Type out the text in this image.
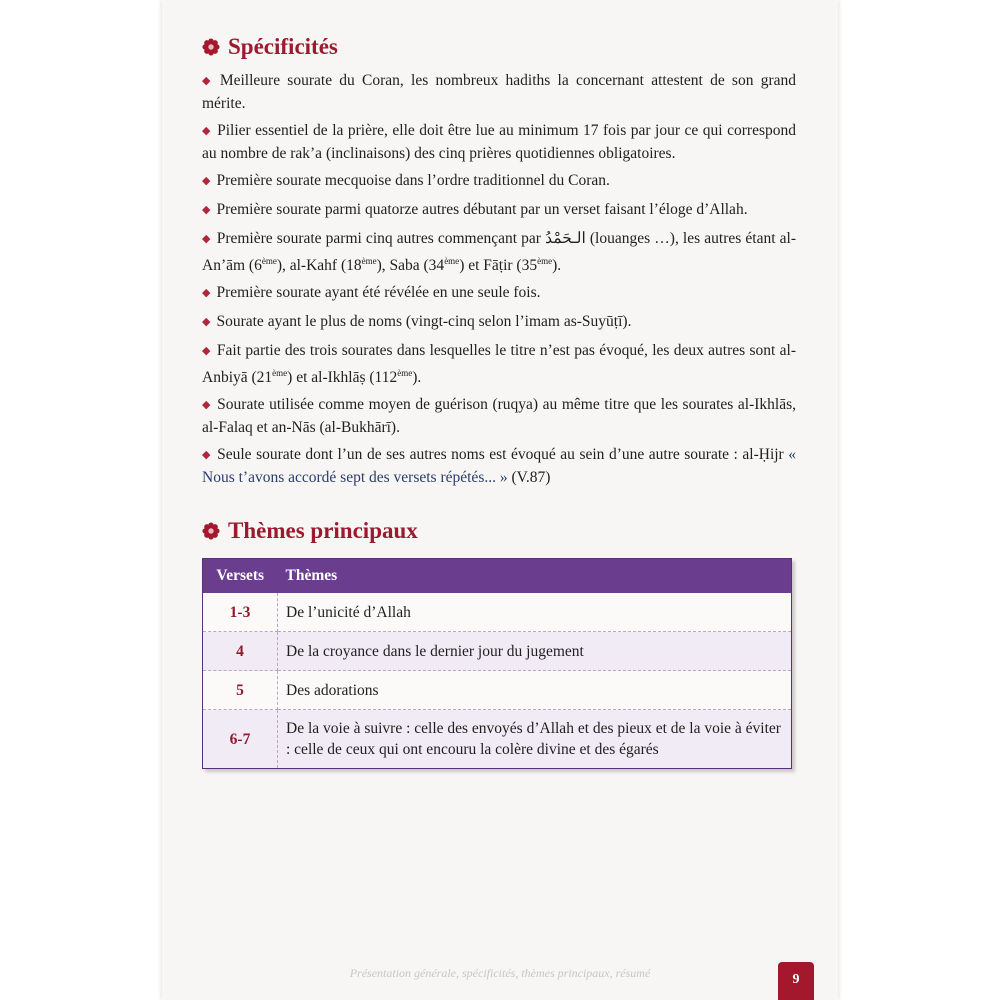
Spécificités
◆ Meilleure sourate du Coran, les nombreux hadiths la concernant attestent de son grand mérite.
◆ Pilier essentiel de la prière, elle doit être lue au minimum 17 fois par jour ce qui correspond au nombre de rak’a (inclinaisons) des cinq prières quotidiennes obligatoires.
◆ Première sourate mecquoise dans l’ordre traditionnel du Coran.
◆ Première sourate parmi quatorze autres débutant par un verset faisant l’éloge d’Allah.
◆ Première sourate parmi cinq autres commençant par الـحَمْدُ (louanges …), les autres étant al-An’ām (6ème), al-Kahf (18ème), Saba (34ème) et Fāṭir (35ème).
◆ Première sourate ayant été révélée en une seule fois.
◆ Sourate ayant le plus de noms (vingt-cinq selon l’imam as-Suyūṭī).
◆ Fait partie des trois sourates dans lesquelles le titre n’est pas évoqué, les deux autres sont al-Anbiyā (21ème) et al-Ikhlāṣ (112ème).
◆ Sourate utilisée comme moyen de guérison (ruqya) au même titre que les sourates al-Ikhlās, al-Falaq et an-Nās (al-Bukhārī).
◆ Seule sourate dont l’un de ses autres noms est évoqué au sein d’une autre sourate : al-Ḥijr « Nous t’avons accordé sept des versets répétés... » (V.87)
Thèmes principaux
Versets	Thèmes
1-3	De l’unicité d’Allah
4	De la croyance dans le dernier jour du jugement
5	Des adorations
6-7	De la voie à suivre : celle des envoyés d’Allah et des pieux et de la voie à éviter : celle de ceux qui ont encouru la colère divine et des égarés
Présentation générale, spécificités, thèmes principaux, résumé	9
